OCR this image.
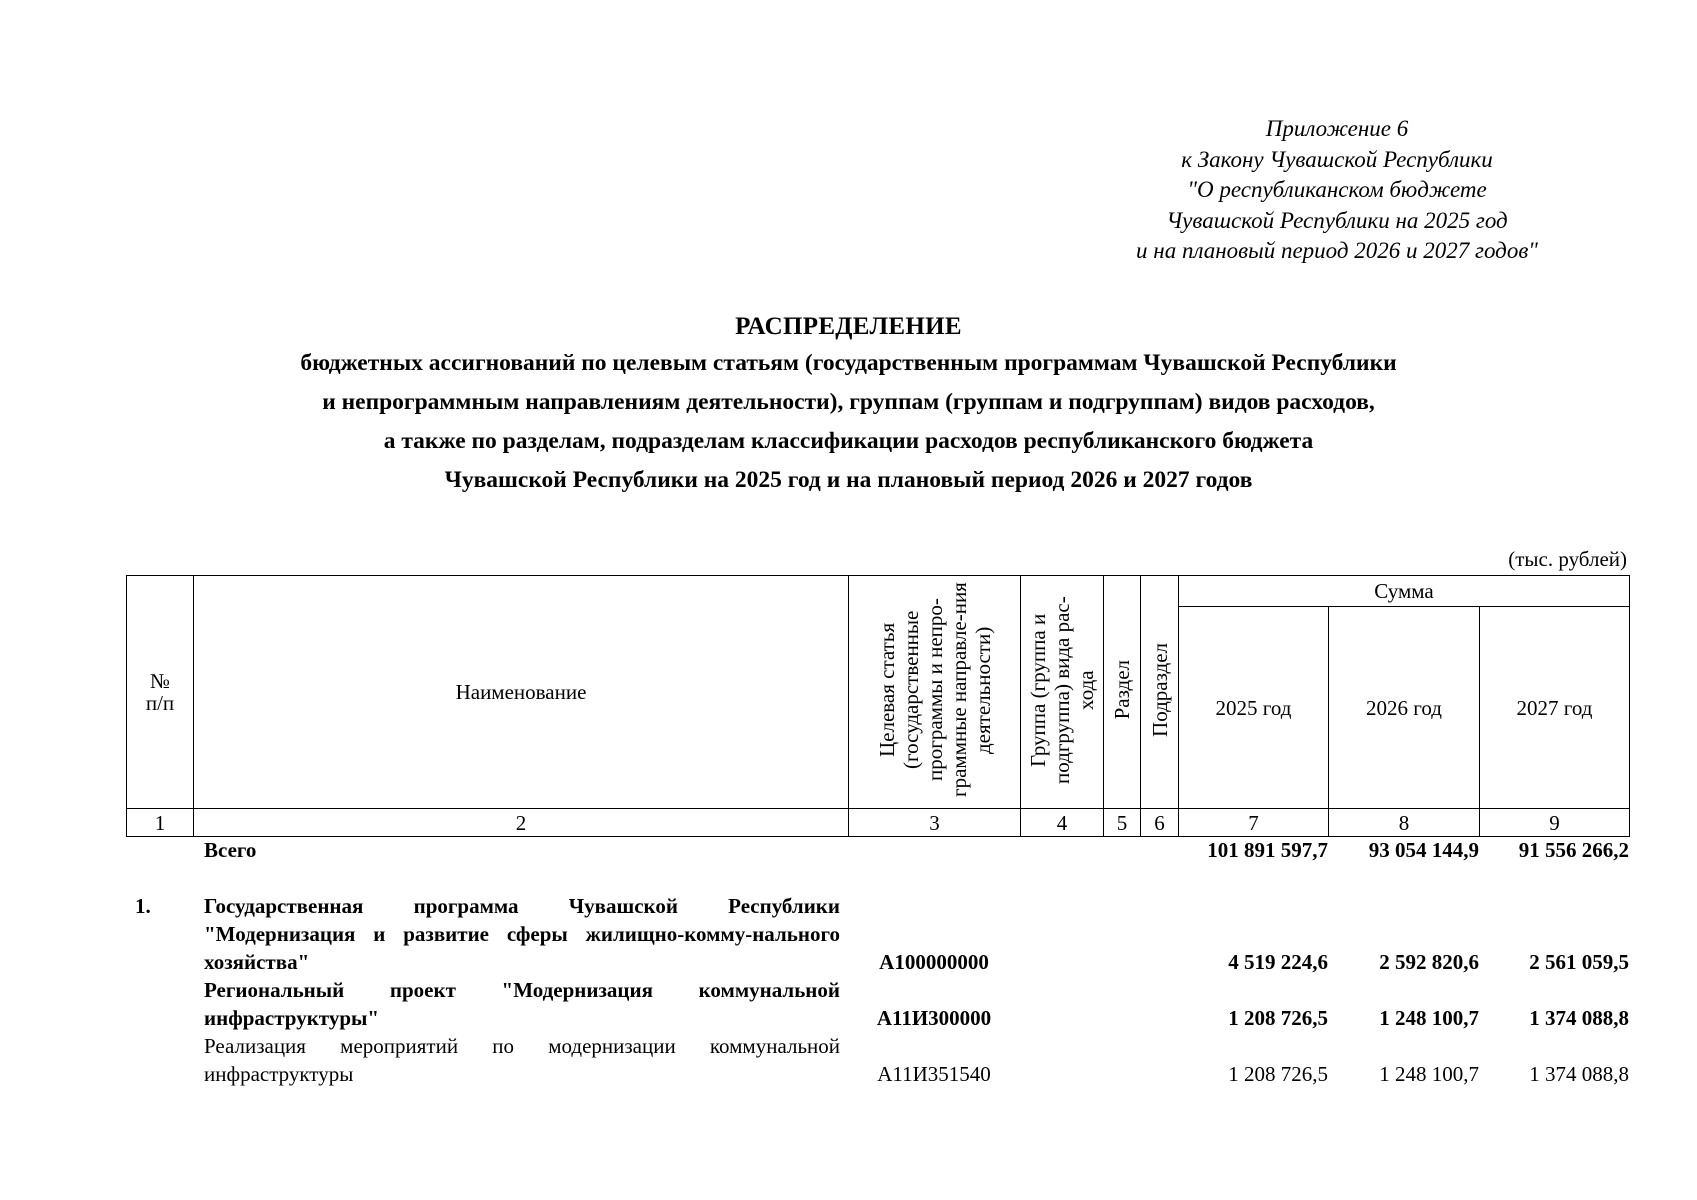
Приложение 6
к Закону Чувашской Республики
"О республиканском бюджете
Чувашской Республики на 2025 год
и на плановый период 2026 и 2027 годов"
РАСПРЕДЕЛЕНИЕ
бюджетных ассигнований по целевым статьям (государственным программам Чувашской Республики
и непрограммным направлениям деятельности), группам (группам и подгруппам) видов расходов,
а также по разделам, подразделам классификации расходов республиканского бюджета
Чувашской Республики на 2025 год и на плановый период 2026 и 2027 годов
(тыс. рублей)
№ п/п	Наименование	Целевая статья (государственные программы и непро-граммные направле-ния деятельности)	Группа (группа и подгруппа) вида рас-хода	Раздел	Подраздел	Сумма		
						2025 год	2026 год	2027 год
1	2	3	4	5	6	7	8	9
	Всего					101 891 597,7	93 054 144,9	91 556 266,2

1.	Государственная программа Чувашской Республики "Модернизация и развитие сферы жилищно-комму-нального хозяйства"	А100000000				4 519 224,6	2 592 820,6	2 561 059,5
	Региональный проект "Модернизация коммунальной инфраструктуры"	А11И300000				1 208 726,5	1 248 100,7	1 374 088,8
	Реализация мероприятий по модернизации коммунальной инфраструктуры	А11И351540				1 208 726,5	1 248 100,7	1 374 088,8
